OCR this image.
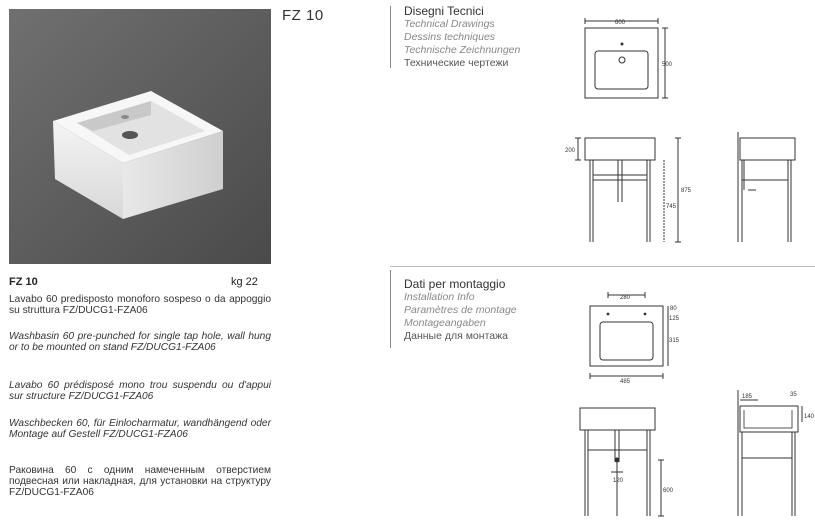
FZ 10
FZ 10	kg 22
Lavabo 60 predisposto monoforo sospeso o da appoggio su struttura FZ/DUCG1-FZA06
Washbasin 60 pre-punched for single tap hole, wall hung or to be mounted on stand FZ/DUCG1-FZA06
Lavabo 60 prédisposé mono trou suspendu ou d'appui sur structure FZ/DUCG1-FZA06
Waschbecken 60, für Einlocharmatur, wandhängend oder Montage auf Gestell FZ/DUCG1-FZA06
Раковина 60 с одним намеченным отверстием подвесная или накладная, для установки на структуру FZ/DUCG1-FZA06
Disegni Tecnici
Technical Drawings
Dessins techniques
Technische Zeichnungen
Технические чертежи
Dati per montaggio
Installation Info
Paramètres de montage
Montageangaben
Данные для монтажа
600
500
200
875
745
280
80
125
315
485
120
600
185
140
35
